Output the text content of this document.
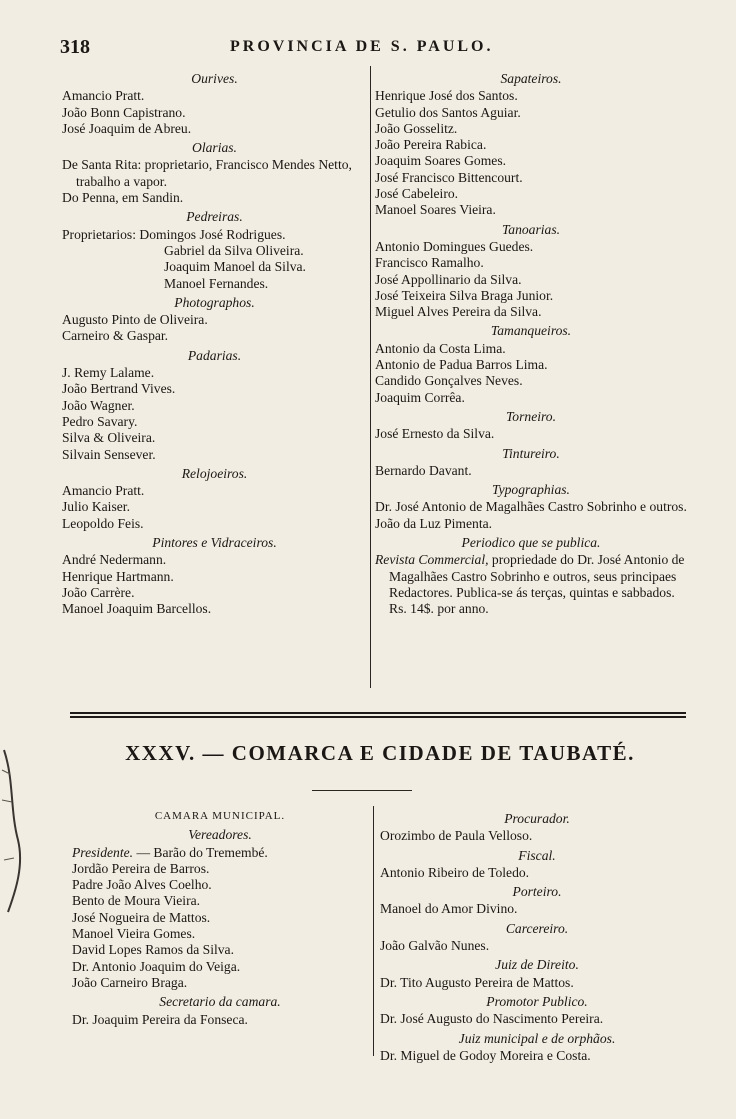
318	PROVINCIA DE S. PAULO.
Ourives.
Amancio Pratt.
João Bonn Capistrano.
José Joaquim de Abreu.
Olarias.
De Santa Rita: proprietario, Francisco Mendes Netto, trabalho a vapor.
Do Penna, em Sandin.
Pedreiras.
Proprietarios: Domingos José Rodrigues.
Gabriel da Silva Oliveira.
Joaquim Manoel da Silva.
Manoel Fernandes.
Photographos.
Augusto Pinto de Oliveira.
Carneiro & Gaspar.
Padarias.
J. Remy Lalame.
João Bertrand Vives.
João Wagner.
Pedro Savary.
Silva & Oliveira.
Silvain Sensever.
Relojoeiros.
Amancio Pratt.
Julio Kaiser.
Leopoldo Feis.
Pintores e Vidraceiros.
André Nedermann.
Henrique Hartmann.
João Carrère.
Manoel Joaquim Barcellos.
Sapateiros.
Henrique José dos Santos.
Getulio dos Santos Aguiar.
João Gosselitz.
João Pereira Rabica.
Joaquim Soares Gomes.
José Francisco Bittencourt.
José Cabeleiro.
Manoel Soares Vieira.
Tanoarias.
Antonio Domingues Guedes.
Francisco Ramalho.
José Appollinario da Silva.
José Teixeira Silva Braga Junior.
Miguel Alves Pereira da Silva.
Tamanqueiros.
Antonio da Costa Lima.
Antonio de Padua Barros Lima.
Candido Gonçalves Neves.
Joaquim Corrêa.
Torneiro.
José Ernesto da Silva.
Tintureiro.
Bernardo Davant.
Typographias.
Dr. José Antonio de Magalhães Castro Sobrinho e outros.
João da Luz Pimenta.
Periodico que se publica.
Revista Commercial, propriedade do Dr. José Antonio de Magalhães Castro Sobrinho e outros, seus principaes Redactores. Publica-se ás terças, quintas e sabbados. Rs. 14$. por anno.
XXXV. — COMARCA E CIDADE DE TAUBATÉ.
CAMARA MUNICIPAL.
Vereadores.
Presidente. — Barão do Tremembé.
Jordão Pereira de Barros.
Padre João Alves Coelho.
Bento de Moura Vieira.
José Nogueira de Mattos.
Manoel Vieira Gomes.
David Lopes Ramos da Silva.
Dr. Antonio Joaquim do Veiga.
João Carneiro Braga.
Secretario da camara.
Dr. Joaquim Pereira da Fonseca.
Procurador.
Orozimbo de Paula Velloso.
Fiscal.
Antonio Ribeiro de Toledo.
Porteiro.
Manoel do Amor Divino.
Carcereiro.
João Galvão Nunes.
Juiz de Direito.
Dr. Tito Augusto Pereira de Mattos.
Promotor Publico.
Dr. José Augusto do Nascimento Pereira.
Juiz municipal e de orphãos.
Dr. Miguel de Godoy Moreira e Costa.
